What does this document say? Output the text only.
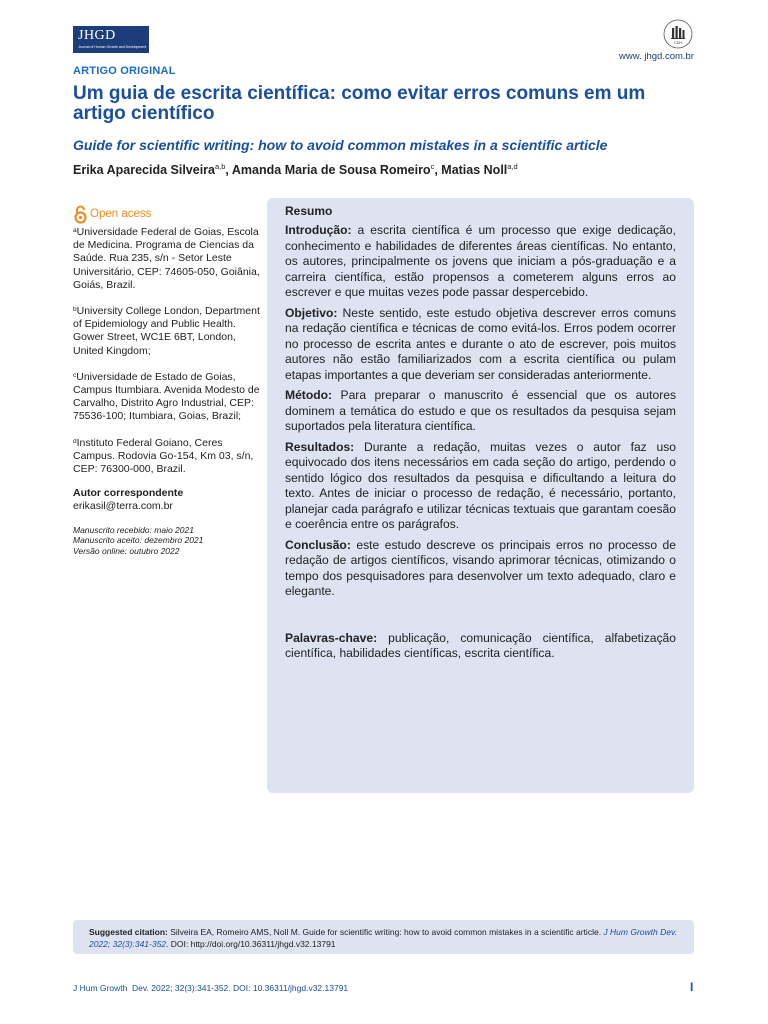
JHGD
Journal of Human Growth and Development
CDH
www. jhgd.com.br
ARTIGO ORIGINAL
Um guia de escrita científica: como evitar erros comuns em um artigo científico
Guide for scientific writing: how to avoid common mistakes in a scientific article
Erika Aparecida Silveira$^{a,b}$, Amanda Maria de Sousa Romeiro$^c$, Matias Noll$^{a,d}$
Open acess
$^a$Universidade Federal de Goias, Escola de Medicina. Programa de Ciencias da Saúde. Rua 235, s/n - Setor Leste Universitário, CEP: 74605-050, Goiânia, Goiás, Brazil.
$^b$University College London, Department of Epidemiology and Public Health. Gower Street, WC1E 6BT, London, United Kingdom;
$^c$Universidade de Estado de Goias, Campus Itumbiara. Avenida Modesto de Carvalho, Distrito Agro Industrial, CEP: 75536-100; Itumbiara, Goias, Brazil;
$^d$Instituto Federal Goiano, Ceres Campus. Rodovia Go-154, Km 03, s/n, CEP: 76300-000, Brazil.
Autor correspondente
erikasil@terra.com.br
Manuscrito recebido: maio 2021
Manuscrito aceito: dezembro 2021
Versão online: outubro 2022
Resumo

Introdução: a escrita científica é um processo que exige dedicação, conhecimento e habilidades de diferentes áreas científicas. No entanto, os autores, principalmente os jovens que iniciam a pós-graduação e a carreira científica, estão propensos a cometerem alguns erros ao escrever e que muitas vezes pode passar despercebido.

Objetivo: Neste sentido, este estudo objetiva descrever erros comuns na redação científica e técnicas de como evitá-los. Erros podem ocorrer no processo de escrita antes e durante o ato de escrever, pois muitos autores não estão familiarizados com a escrita científica ou pulam etapas importantes a que deveriam ser consideradas anteriormente.

Método: Para preparar o manuscrito é essencial que os autores dominem a temática do estudo e que os resultados da pesquisa sejam suportados pela literatura científica.

Resultados: Durante a redação, muitas vezes o autor faz uso equivocado dos itens necessários em cada seção do artigo, perdendo o sentido lógico dos resultados da pesquisa e dificultando a leitura do texto. Antes de iniciar o processo de redação, é necessário, portanto, planejar cada parágrafo e utilizar técnicas textuais que garantam coesão e coerência entre os parágrafos.

Conclusão: este estudo descreve os principais erros no processo de redação de artigos científicos, visando aprimorar técnicas, otimizando o tempo dos pesquisadores para desenvolver um texto adequado, claro e elegante.

Palavras-chave: publicação, comunicação científica, alfabetização científica, habilidades científicas, escrita científica.

Suggested citation: Silveira EA, Romeiro AMS, Noll M. Guide for scientific writing: how to avoid common mistakes in a scientific article. J Hum Growth Dev. 2022; 32(3):341-352. DOI: http://doi.org/10.36311/jhgd.v32.13791
J Hum Growth  Dev. 2022; 32(3):341-352. DOI: 10.36311/jhgd.v32.13791	I
